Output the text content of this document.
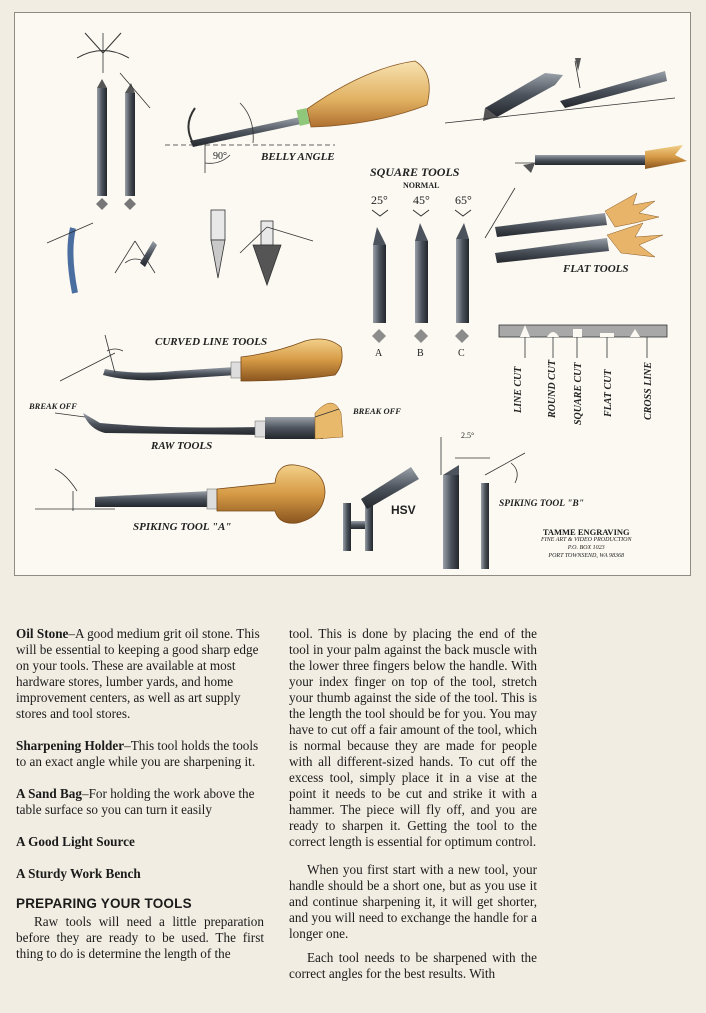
BELLY ANGLE
90°
SQUARE TOOLS
NORMAL
25° 45° 65°
A	B	C
FLAT TOOLS
CURVED LINE TOOLS
BREAK OFF	BREAK OFF
RAW TOOLS
SPIKING TOOL "A"
SPIKING TOOL "B"
HSV
2.5°
LINE CUT ROUND CUT SQUARE CUT FLAT CUT	CROSS LINE
TAMME ENGRAVING
FINE ART & VIDEO PRODUCTION
P.O. BOX 1023
PORT TOWNSEND, WA 98368

Oil Stone–A good medium grit oil stone. This will be essential to keeping a good sharp edge on your tools. These are available at most hardware stores, lumber yards, and home improvement centers, as well as art supply stores and tool stores.

Sharpening Holder–This tool holds the tools to an exact angle while you are sharpening it.

A Sand Bag–For holding the work above the table surface so you can turn it easily

A Good Light Source

A Sturdy Work Bench

PREPARING YOUR TOOLS

Raw tools will need a little preparation before they are ready to be used. The first thing to do is determine the length of the

tool. This is done by placing the end of the tool in your palm against the back muscle with the lower three fingers below the handle. With your index finger on top of the tool, stretch your thumb against the side of the tool. This is the length the tool should be for you. You may have to cut off a fair amount of the tool, which is normal because they are made for people with all different-sized hands. To cut off the excess tool, simply place it in a vise at the point it needs to be cut and strike it with a hammer. The piece will fly off, and you are ready to sharpen it. Getting the tool to the correct length is essential for optimum control.

When you first start with a new tool, your handle should be a short one, but as you use it and continue sharpening it, it will get shorter, and you will need to exchange the handle for a longer one.

Each tool needs to be sharpened with the correct angles for the best results. With
